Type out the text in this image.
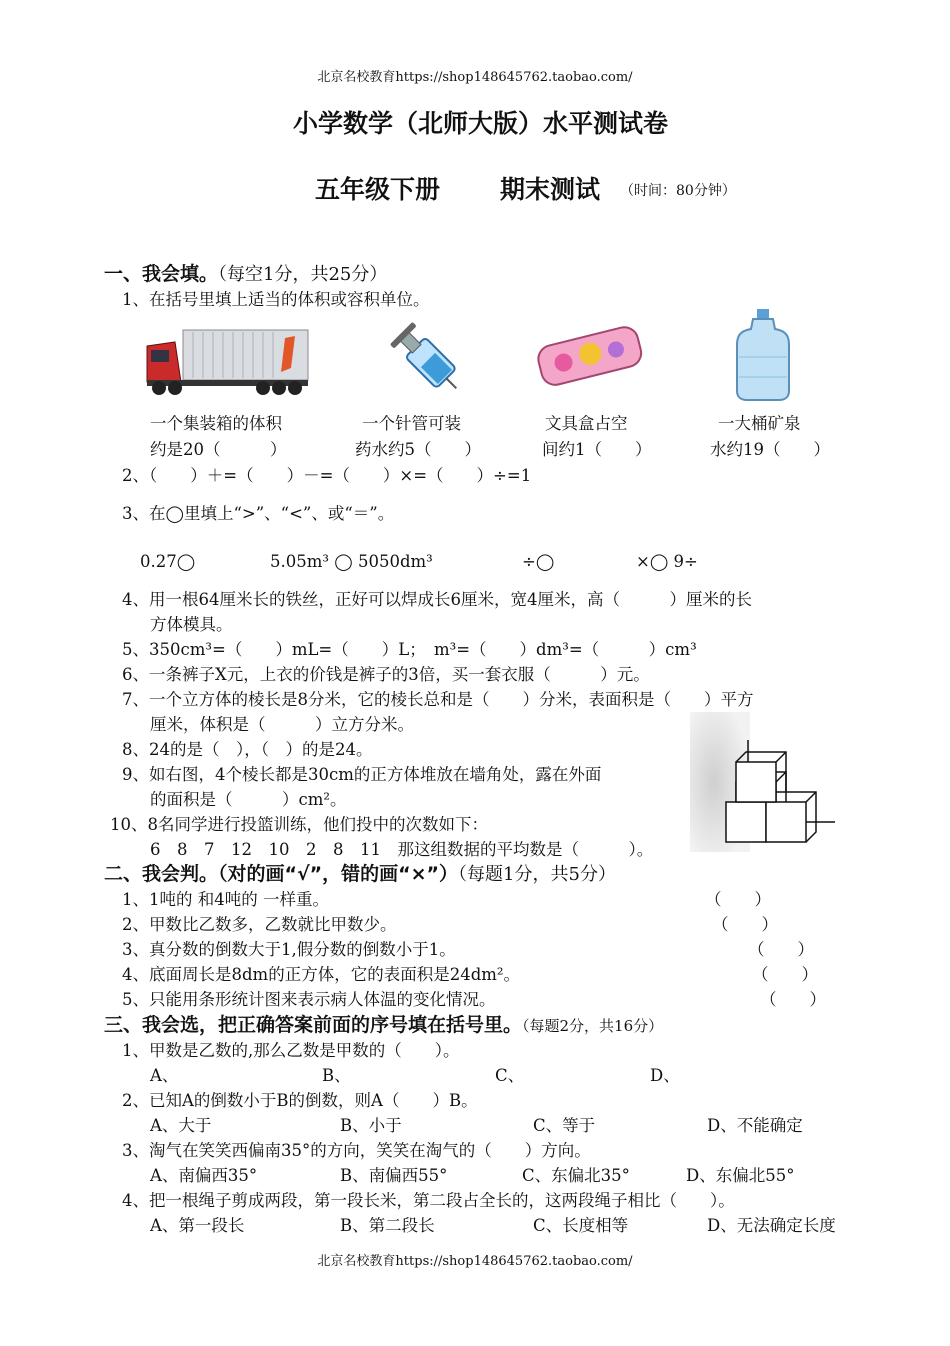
北京名校教育https://shop148645762.taobao.com/
小学数学（北师大版）水平测试卷
五年级下册 期末测试 （时间：80分钟）
一、我会填。（每空1分，共25分）
1、在括号里填上适当的体积或容积单位。
一个集装箱的体积
约是20（　　　）
一个针管可装
药水约5（　　）
文具盒占空
间约1（　　）
一大桶矿泉
水约19（　　）
2、（　　）＋=（　　）－=（　　）×=（　　）÷=1
3、在◯里填上“>”、“<”、或“＝”。
0.27◯	5.05m³ ◯ 5050dm³	÷◯	×◯ 9÷
4、用一根64厘米长的铁丝，正好可以焊成长6厘米，宽4厘米，高（　　　）厘米的长
方体模具。
5、350cm³=（　　）mL=（　　）L；　m³=（　　）dm³=（　　　）cm³
6、一条裤子X元，上衣的价钱是裤子的3倍，买一套衣服（　　　）元。
7、一个立方体的棱长是8分米，它的棱长总和是（　　）分米，表面积是（　　）平方
厘米，体积是（　　　）立方分米。
8、24的是（　），（　）的是24。
9、如右图，4个棱长都是30cm的正方体堆放在墙角处，露在外面
的面积是（　　　）cm²。
10、8名同学进行投篮训练，他们投中的次数如下：
6　8　7　12　10　2　8　11　那这组数据的平均数是（　　　）。
二、我会判。（对的画“√”，错的画“×”）（每题1分，共5分）
1、1吨的 和4吨的 一样重。	（　　）
2、甲数比乙数多，乙数就比甲数少。	（　　）
3、真分数的倒数大于1,假分数的倒数小于1。	（　　）
4、底面周长是8dm的正方体，它的表面积是24dm²。	（　　）
5、只能用条形统计图来表示病人体温的变化情况。	（　　）
三、我会选，把正确答案前面的序号填在括号里。（每题2分，共16分）
1、甲数是乙数的,那么乙数是甲数的（　　）。
A、	B、	C、	D、
2、已知A的倒数小于B的倒数，则A（　　）B。
A、大于	B、小于	C、等于	D、不能确定
3、淘气在笑笑西偏南35°的方向，笑笑在淘气的（　　）方向。
A、南偏西35°	B、南偏西55°	C、东偏北35°	D、东偏北55°
4、把一根绳子剪成两段，第一段长米，第二段占全长的，这两段绳子相比（　　）。
A、第一段长	B、第二段长	C、长度相等	D、无法确定长度
北京名校教育https://shop148645762.taobao.com/
